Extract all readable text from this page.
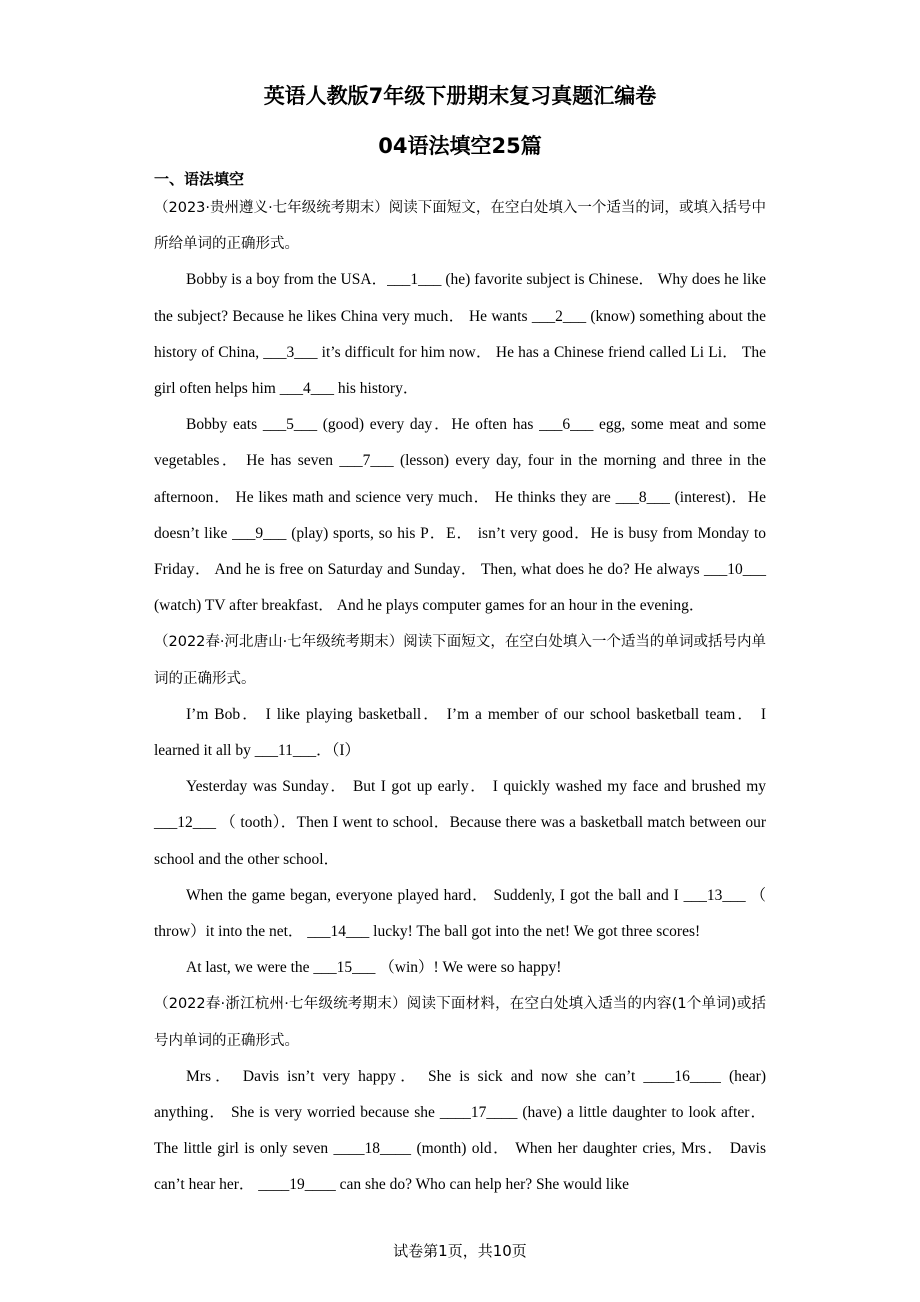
英语人教版7年级下册期末复习真题汇编卷
04语法填空25篇
一、语法填空

（2023·贵州遵义·七年级统考期末）阅读下面短文，在空白处填入一个适当的词，或填入括号中所给单词的正确形式。

Bobby is a boy from the USA．___1___ (he) favorite subject is Chinese． Why does he like the subject? Because he likes China very much． He wants ___2___ (know) something about the history of China, ___3___ it’s difficult for him now． He has a Chinese friend called Li Li． The girl often helps him ___4___ his history．

Bobby eats ___5___ (good) every day．He often has ___6___ egg, some meat and some vegetables． He has seven ___7___ (lesson) every day, four in the morning and three in the afternoon． He likes math and science very much． He thinks they are ___8___ (interest)．He doesn’t like ___9___ (play) sports, so his P．E． isn’t very good．He is busy from Monday to Friday． And he is free on Saturday and Sunday． Then, what does he do? He always ___10___ (watch) TV after breakfast． And he plays computer games for an hour in the evening．

（2022春·河北唐山·七年级统考期末）阅读下面短文，在空白处填入一个适当的单词或括号内单词的正确形式。

I’m Bob． I like playing basketball． I’m a member of our school basketball team． I learned it all by ___11___．（I）

Yesterday was Sunday． But I got up early． I quickly washed my face and brushed my ___12___ （ tooth）．Then I went to school．Because there was a basketball match between our school and the other school．

When the game began, everyone played hard． Suddenly, I got the ball and I ___13___ （ throw）it into the net． ___14___ lucky! The ball got into the net! We got three scores!

At last, we were the ___15___ （win）! We were so happy!

（2022春·浙江杭州·七年级统考期末）阅读下面材料，在空白处填入适当的内容(1个单词)或括号内单词的正确形式。

Mrs． Davis isn’t very happy． She is sick and now she can’t ____16____ (hear) anything． She is very worried because she ____17____ (have) a little daughter to look after． The little girl is only seven ____18____ (month) old． When her daughter cries, Mrs． Davis can’t hear her． ____19____ can she do? Who can help her? She would like

试卷第1页，共10页
